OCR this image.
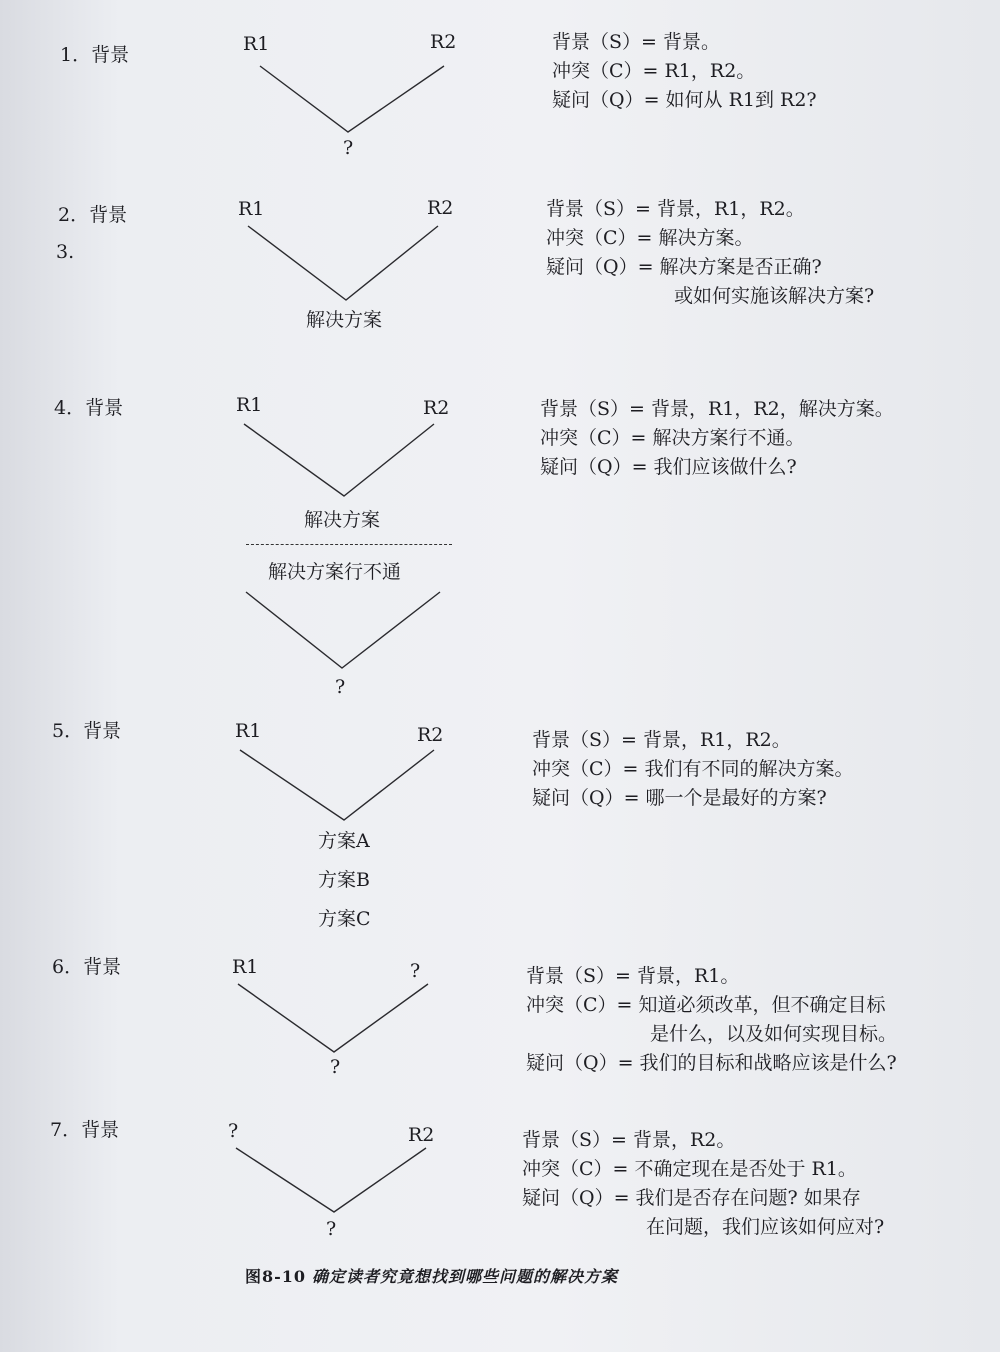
1．背景	R1	R2
?
背景（S）= 背景。
冲突（C）= R1，R2。
疑问（Q）= 如何从 R1到 R2?
2．背景
3.
R1	R2
解决方案
背景（S）= 背景，R1，R2。
冲突（C）= 解决方案。
疑问（Q）= 解决方案是否正确?
或如何实施该解决方案?
4．背景	R1	R2
解决方案
解决方案行不通
?
背景（S）= 背景，R1，R2，解决方案。
冲突（C）= 解决方案行不通。
疑问（Q）= 我们应该做什么?
5．背景	R1	R2
方案A
方案B
方案C
背景（S）= 背景，R1，R2。
冲突（C）= 我们有不同的解决方案。
疑问（Q）= 哪一个是最好的方案?
6．背景	R1	?
?
背景（S）= 背景，R1。
冲突（C）= 知道必须改革，但不确定目标
是什么，以及如何实现目标。
疑问（Q）= 我们的目标和战略应该是什么?
7．背景	?	R2
?
背景（S）= 背景，R2。
冲突（C）= 不确定现在是否处于 R1。
疑问（Q）= 我们是否存在问题? 如果存
在问题，我们应该如何应对?
图8-10 确定读者究竟想找到哪些问题的解决方案
